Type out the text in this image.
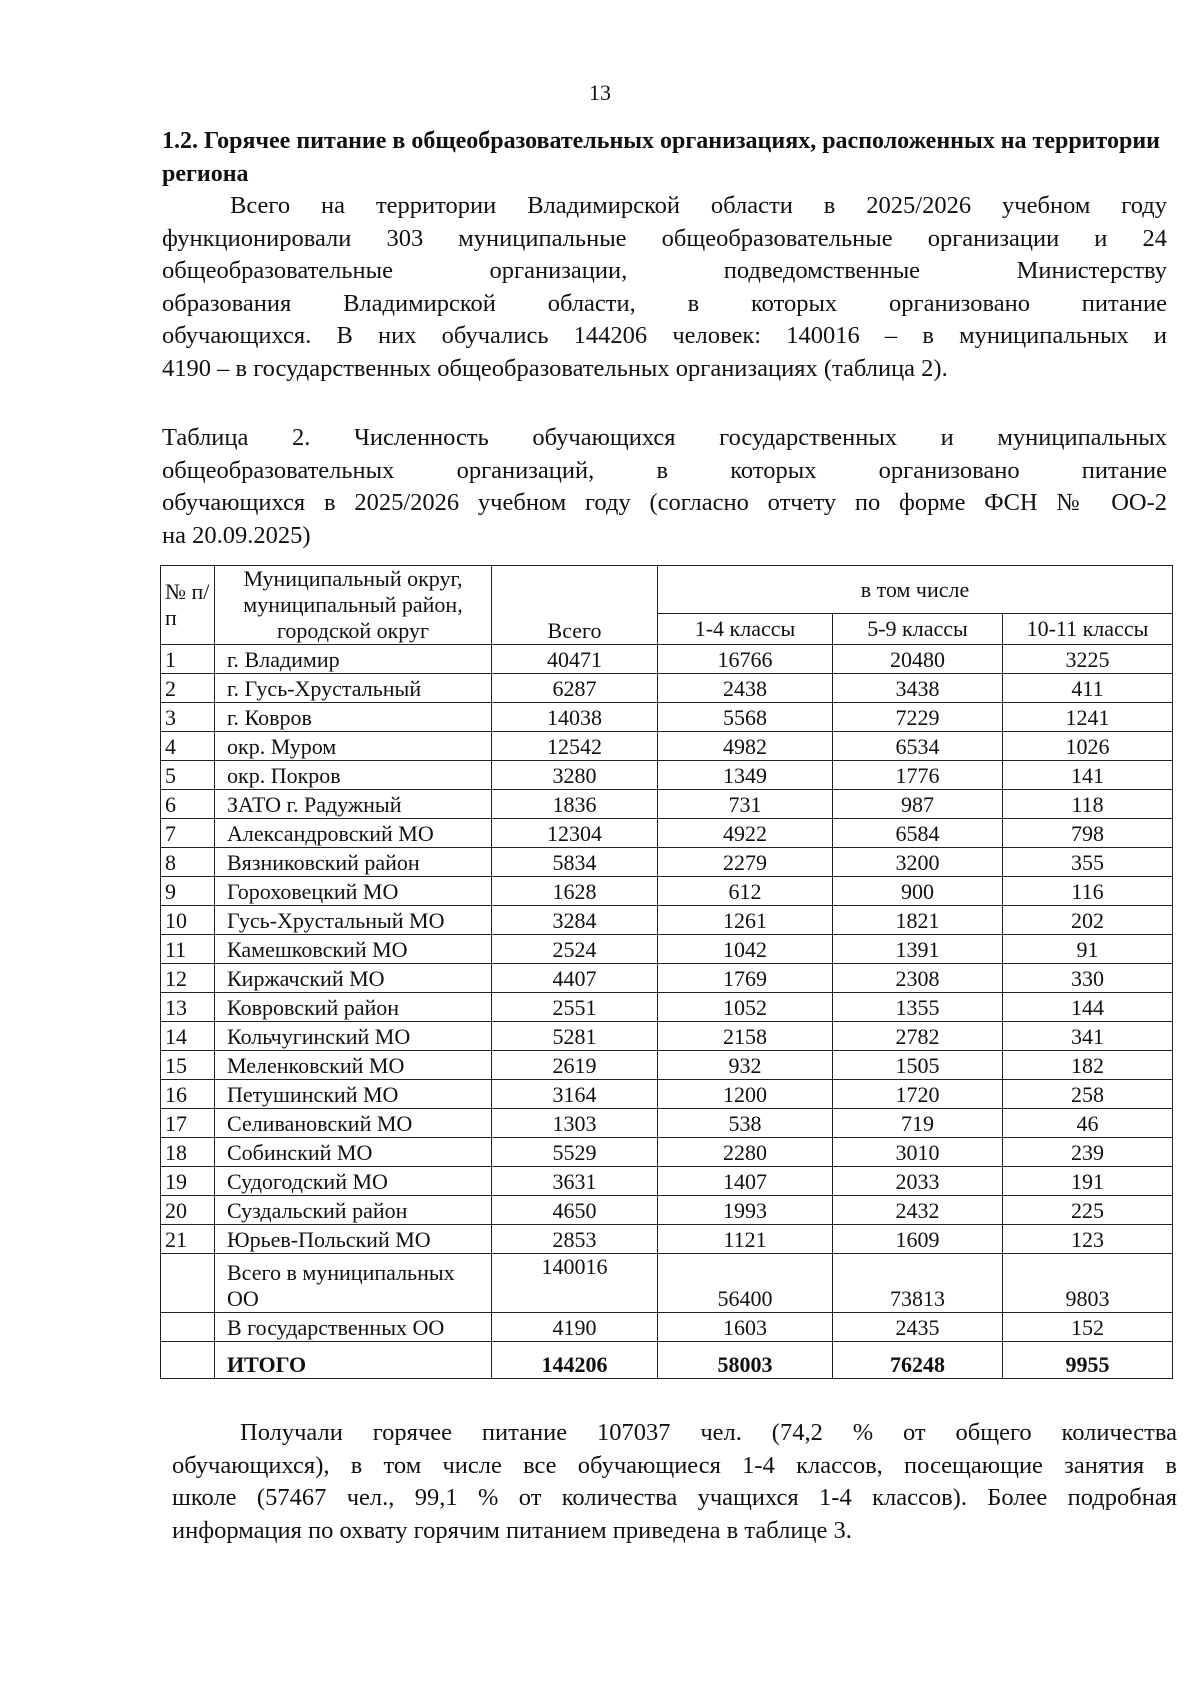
13
1.2. Горячее питание в общеобразовательных организациях, расположенных на территории региона
Всего на территории Владимирской области в 2025/2026 учебном году
функционировали 303 муниципальные общеобразовательные организации и 24
общеобразовательные организации, подведомственные Министерству
образования Владимирской области, в которых организовано питание
обучающихся. В них обучались 144206 человек: 140016 – в муниципальных и
4190 – в государственных общеобразовательных организациях (таблица 2).
Таблица 2. Численность обучающихся государственных и муниципальных
общеобразовательных организаций, в которых организовано питание
обучающихся в 2025/2026 учебном году (согласно отчету по форме ФСН № ОО-2
на 20.09.2025)
№ п/п	Муниципальный округ, муниципальный район, городской округ	Всего	в том числе		
			1-4 классы	5-9 классы	10-11 классы
1	г. Владимир	40471	16766	20480	3225
2	г. Гусь-Хрустальный	6287	2438	3438	411
3	г. Ковров	14038	5568	7229	1241
4	окр. Муром	12542	4982	6534	1026
5	окр. Покров	3280	1349	1776	141
6	ЗАТО г. Радужный	1836	731	987	118
7	Александровский МО	12304	4922	6584	798
8	Вязниковский район	5834	2279	3200	355
9	Гороховецкий МО	1628	612	900	116
10	Гусь-Хрустальный МО	3284	1261	1821	202
11	Камешковский МО	2524	1042	1391	91
12	Киржачский МО	4407	1769	2308	330
13	Ковровский район	2551	1052	1355	144
14	Кольчугинский МО	5281	2158	2782	341
15	Меленковский МО	2619	932	1505	182
16	Петушинский МО	3164	1200	1720	258
17	Селивановский МО	1303	538	719	46
18	Собинский МО	5529	2280	3010	239
19	Судогодский МО	3631	1407	2033	191
20	Суздальский район	4650	1993	2432	225
21	Юрьев-Польский МО	2853	1121	1609	123
	Всего в муниципальных ОО	140016	56400	73813	9803
	В государственных ОО	4190	1603	2435	152
	ИТОГО	144206	58003	76248	9955
Получали горячее питание 107037 чел. (74,2 % от общего количества
обучающихся), в том числе все обучающиеся 1-4 классов, посещающие занятия в
школе (57467 чел., 99,1 % от количества учащихся 1-4 классов). Более подробная
информация по охвату горячим питанием приведена в таблице 3.
